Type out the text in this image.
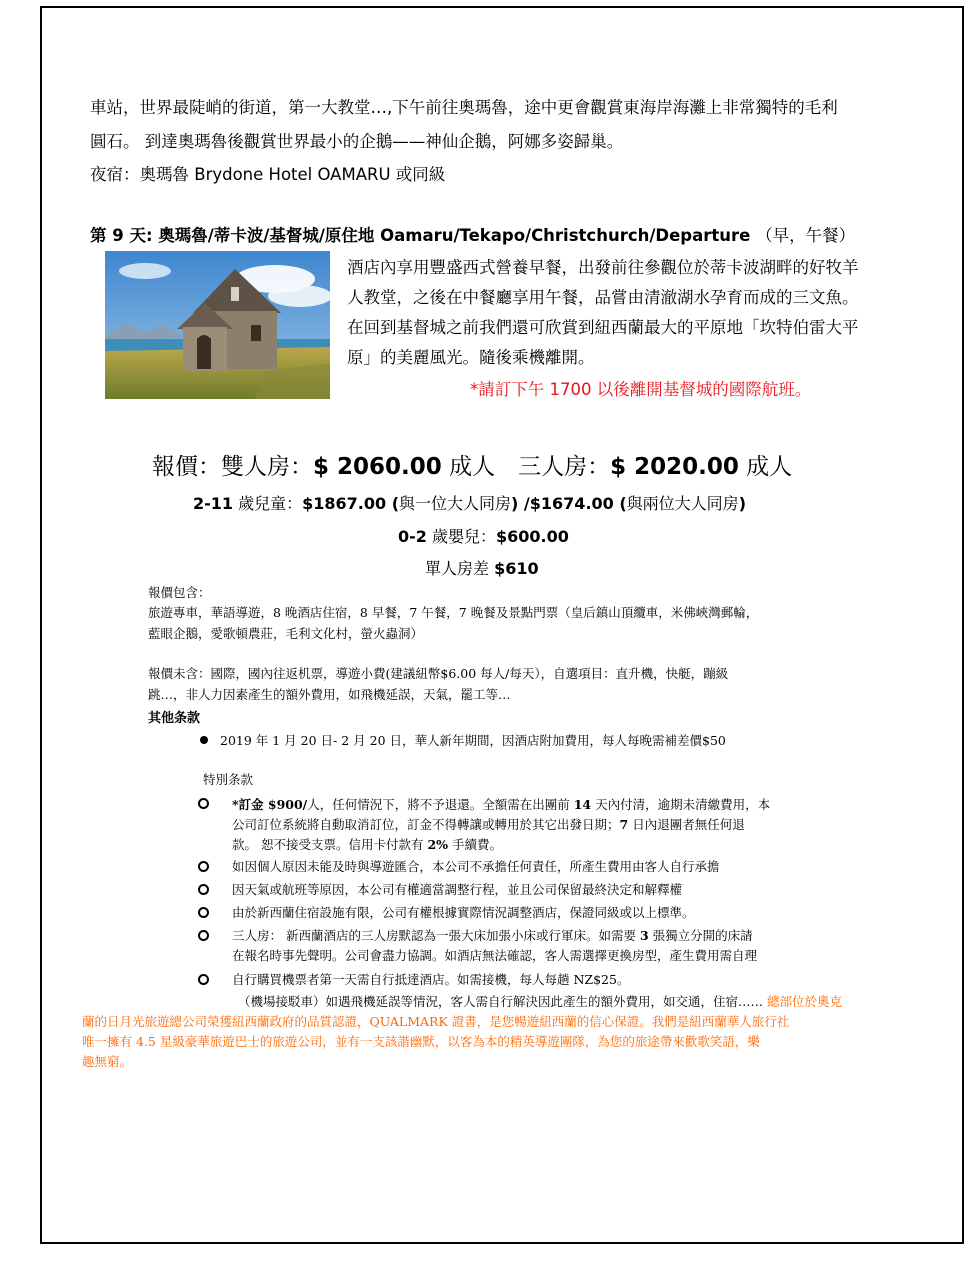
車站，世界最陡峭的街道，第一大教堂…,下午前往奧瑪魯，途中更會觀賞東海岸海灘上非常獨特的毛利
圓石。 到達奧瑪魯後觀賞世界最小的企鵝——神仙企鵝，阿娜多姿歸巢。
夜宿：奧瑪魯 Brydone Hotel OAMARU 或同級
第 9 天: 奧瑪魯/蒂卡波/基督城/原住地 Oamaru/Tekapo/Christchurch/Departure （早，午餐）
酒店內享用豐盛西式營養早餐，出發前往參觀位於蒂卡波湖畔的好牧羊
人教堂，之後在中餐廳享用午餐，品嘗由清澈湖水孕育而成的三文魚。
在回到基督城之前我們還可欣賞到紐西蘭最大的平原地「坎特伯雷大平
原」的美麗風光。隨後乘機離開。
*請訂下午 1700 以後離開基督城的國際航班。
報價：雙人房：$ 2060.00 成人　三人房：$ 2020.00 成人
2-11 歲兒童：$1867.00 (與一位大人同房) /$1674.00 (與兩位大人同房)
0-2 歲嬰兒：$600.00
單人房差 $610
報價包含：
旅遊專車，華語導遊，8 晚酒店住宿，8 早餐，7 午餐，7 晚餐及景點門票（皇后鎮山頂纜車，米佛峽灣郵輪，
藍眼企鵝，愛歌頓農莊，毛利文化村，螢火蟲洞）
報價未含：國際，國內往返机票，導遊小費(建議紐幣$6.00 每人/每天），自選項目：直升機，快艇，蹦級
跳…，非人力因素產生的額外費用，如飛機延誤，天氣，罷工等…
其他条款
2019 年 1 月 20 日- 2 月 20 日，華人新年期間，因酒店附加費用，每人每晚需補差價$50
特別条款
*訂金 $900/人，任何情況下，將不予退還。全額需在出團前 14 天內付清，逾期未清繳費用，本
公司訂位系統將自動取消訂位，訂金不得轉讓或轉用於其它出發日期；7 日內退團者無任何退
款。 恕不接受支票。信用卡付款有 2% 手續費。
如因個人原因未能及時與導遊匯合，本公司不承擔任何責任，所產生費用由客人自行承擔
因天氣或航班等原因，本公司有權適當調整行程，並且公司保留最終決定和解釋權
由於新西蘭住宿設施有限，公司有權根據實際情況調整酒店，保證同級或以上標準。
三人房： 新西蘭酒店的三人房默認為一張大床加張小床或行軍床。如需要 3 張獨立分開的床請
在報名時事先聲明。公司會盡力協調。如酒店無法確認，客人需選擇更換房型，產生費用需自理
自行購買機票者第一天需自行抵達酒店。如需接機，每人每趟 NZ$25。
（機場接駁車）如遇飛機延誤等情況，客人需自行解決因此產生的額外費用，如交通，住宿…… 總部位於奧克
蘭的日月光旅遊總公司榮獲紐西蘭政府的品質認證，QUALMARK 證書，是您暢遊紐西蘭的信心保證。我們是紐西蘭華人旅行社
唯一擁有 4.5 星級豪華旅遊巴士的旅遊公司，並有一支該諧幽默，以客為本的精英導遊團隊，為您的旅途帶來歡歌笑語，樂
趣無窮。
